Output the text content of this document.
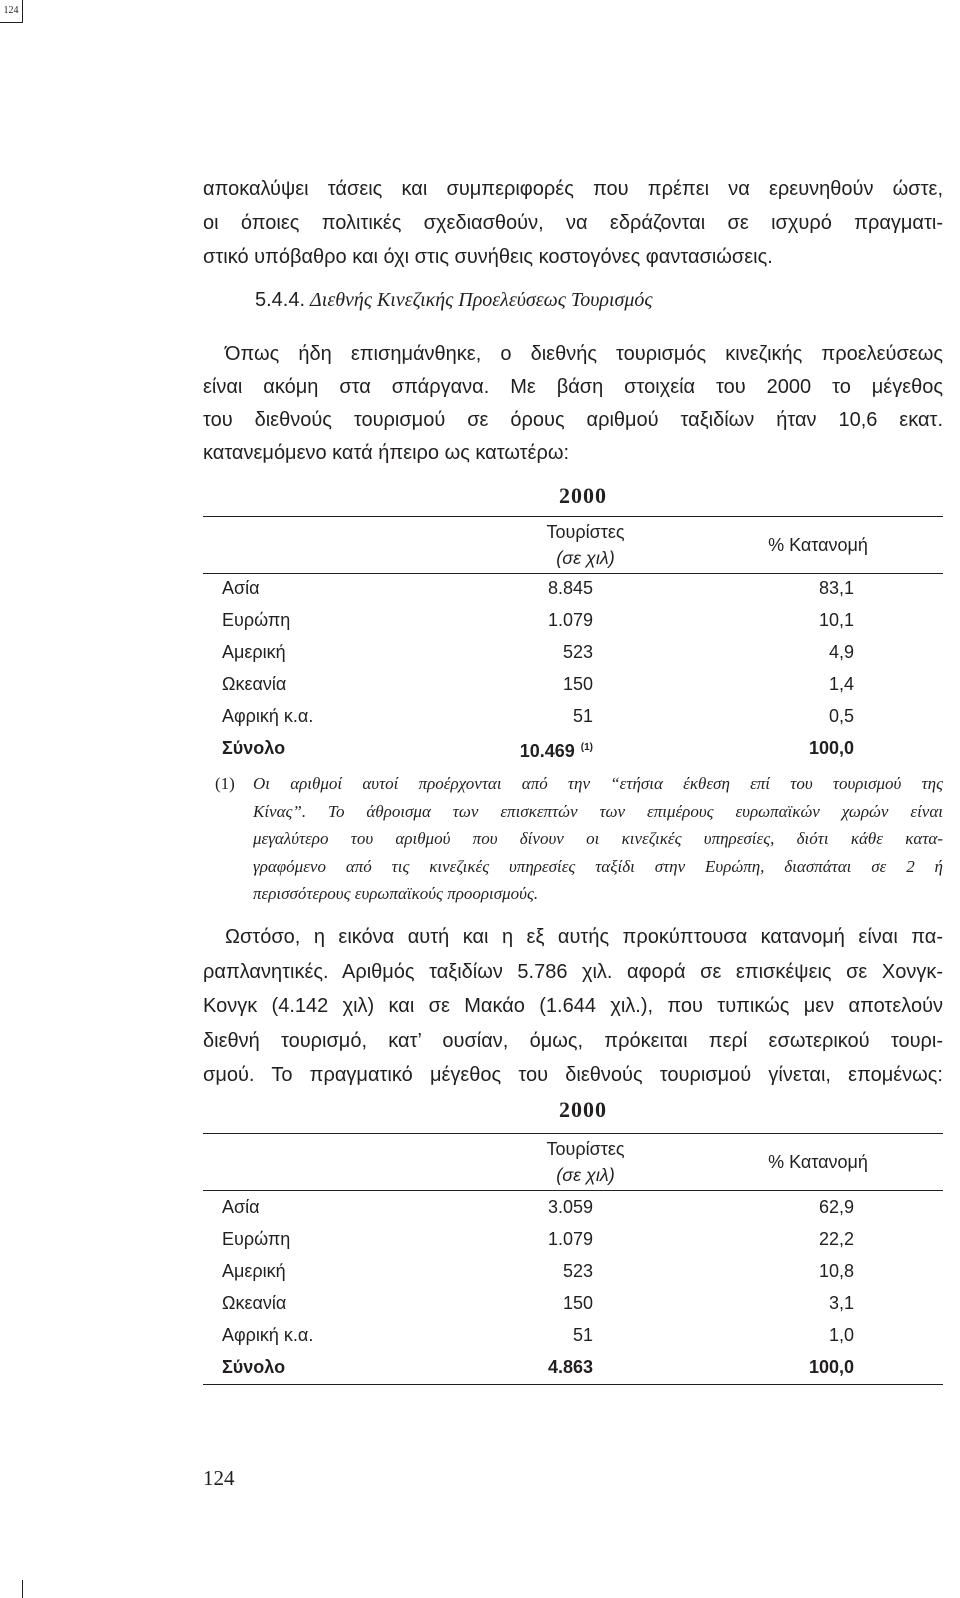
124

αποκαλύψει τάσεις και συμπεριφορές που πρέπει να ερευνηθούν ώστε,
οι όποιες πολιτικές σχεδιασθούν, να εδράζονται σε ισχυρό πραγματι-
στικό υπόβαθρο και όχι στις συνήθεις κοστογόνες φαντασιώσεις.

5.4.4. Διεθνής Κινεζικής Προελεύσεως Τουρισμός

Όπως ήδη επισημάνθηκε, ο διεθνής τουρισμός κινεζικής προελεύσεως
είναι ακόμη στα σπάργανα. Με βάση στοιχεία του 2000 το μέγεθος
του διεθνούς τουρισμού σε όρους αριθμού ταξιδίων ήταν 10,6 εκατ.
κατανεμόμενο κατά ήπειρο ως κατωτέρω:

2000
Τουρίστες
(σε χιλ)
% Κατανομή
Ασία	8.845	83,1
Ευρώπη	1.079	10,1
Αμερική	523	4,9
Ωκεανία	150	1,4
Αφρική κ.α.	51	0,5
Σύνολο	10.469 $^{(1)}$	100,0
(1) Οι αριθμοί αυτοί προέρχονται από την “ετήσια έκθεση επί του τουρισμού της
Κίνας”. Το άθροισμα των επισκεπτών των επιμέρους ευρωπαϊκών χωρών είναι
μεγαλύτερο του αριθμού που δίνουν οι κινεζικές υπηρεσίες, διότι κάθε κατα-
γραφόμενο από τις κινεζικές υπηρεσίες ταξίδι στην Ευρώπη, διασπάται σε 2 ή
περισσότερους ευρωπαϊκούς προορισμούς.

Ωστόσο, η εικόνα αυτή και η εξ αυτής προκύπτουσα κατανομή είναι πα-
ραπλανητικές. Αριθμός ταξιδίων 5.786 χιλ. αφορά σε επισκέψεις σε Χονγκ-
Κονγκ (4.142 χιλ) και σε Μακάο (1.644 χιλ.), που τυπικώς μεν αποτελούν
διεθνή τουρισμό, κατ’ ουσίαν, όμως, πρόκειται περί εσωτερικού τουρι-
σμού. Το πραγματικό μέγεθος του διεθνούς τουρισμού γίνεται, επομένως:

2000
Τουρίστες
(σε χιλ)
% Κατανομή
Ασία	3.059	62,9
Ευρώπη	1.079	22,2
Αμερική	523	10,8
Ωκεανία	150	3,1
Αφρική κ.α.	51	1,0
Σύνολο	4.863	100,0
124
